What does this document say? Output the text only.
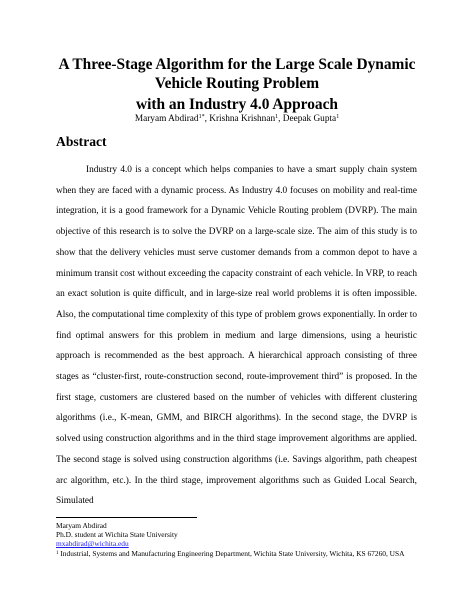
A Three-Stage Algorithm for the Large Scale Dynamic
Vehicle Routing Problem
with an Industry 4.0 Approach
Maryam Abdirad$^{1*}$, Krishna Krishnan$^1$, Deepak Gupta$^1$
Abstract

Industry 4.0 is a concept which helps companies to have a smart supply chain system when they are faced with a dynamic process. As Industry 4.0 focuses on mobility and real-time integration, it is a good framework for a Dynamic Vehicle Routing problem (DVRP). The main objective of this research is to solve the DVRP on a large-scale size. The aim of this study is to show that the delivery vehicles must serve customer demands from a common depot to have a minimum transit cost without exceeding the capacity constraint of each vehicle. In VRP, to reach an exact solution is quite difficult, and in large-size real world problems it is often impossible. Also, the computational time complexity of this type of problem grows exponentially. In order to find optimal answers for this problem in medium and large dimensions, using a heuristic approach is recommended as the best approach. A hierarchical approach consisting of three stages as “cluster-first, route-construction second, route-improvement third” is proposed. In the first stage, customers are clustered based on the number of vehicles with different clustering algorithms (i.e., K-mean, GMM, and BIRCH algorithms). In the second stage, the DVRP is solved using construction algorithms and in the third stage improvement algorithms are applied. The second stage is solved using construction algorithms (i.e. Savings algorithm, path cheapest arc algorithm, etc.). In the third stage, improvement algorithms such as Guided Local Search, Simulated

Maryam Abdirad
Ph.D. student at Wichita State University
mxabdirad@wichita.edu
$^1$ Industrial, Systems and Manufacturing Engineering Department, Wichita State University, Wichita, KS 67260, USA
